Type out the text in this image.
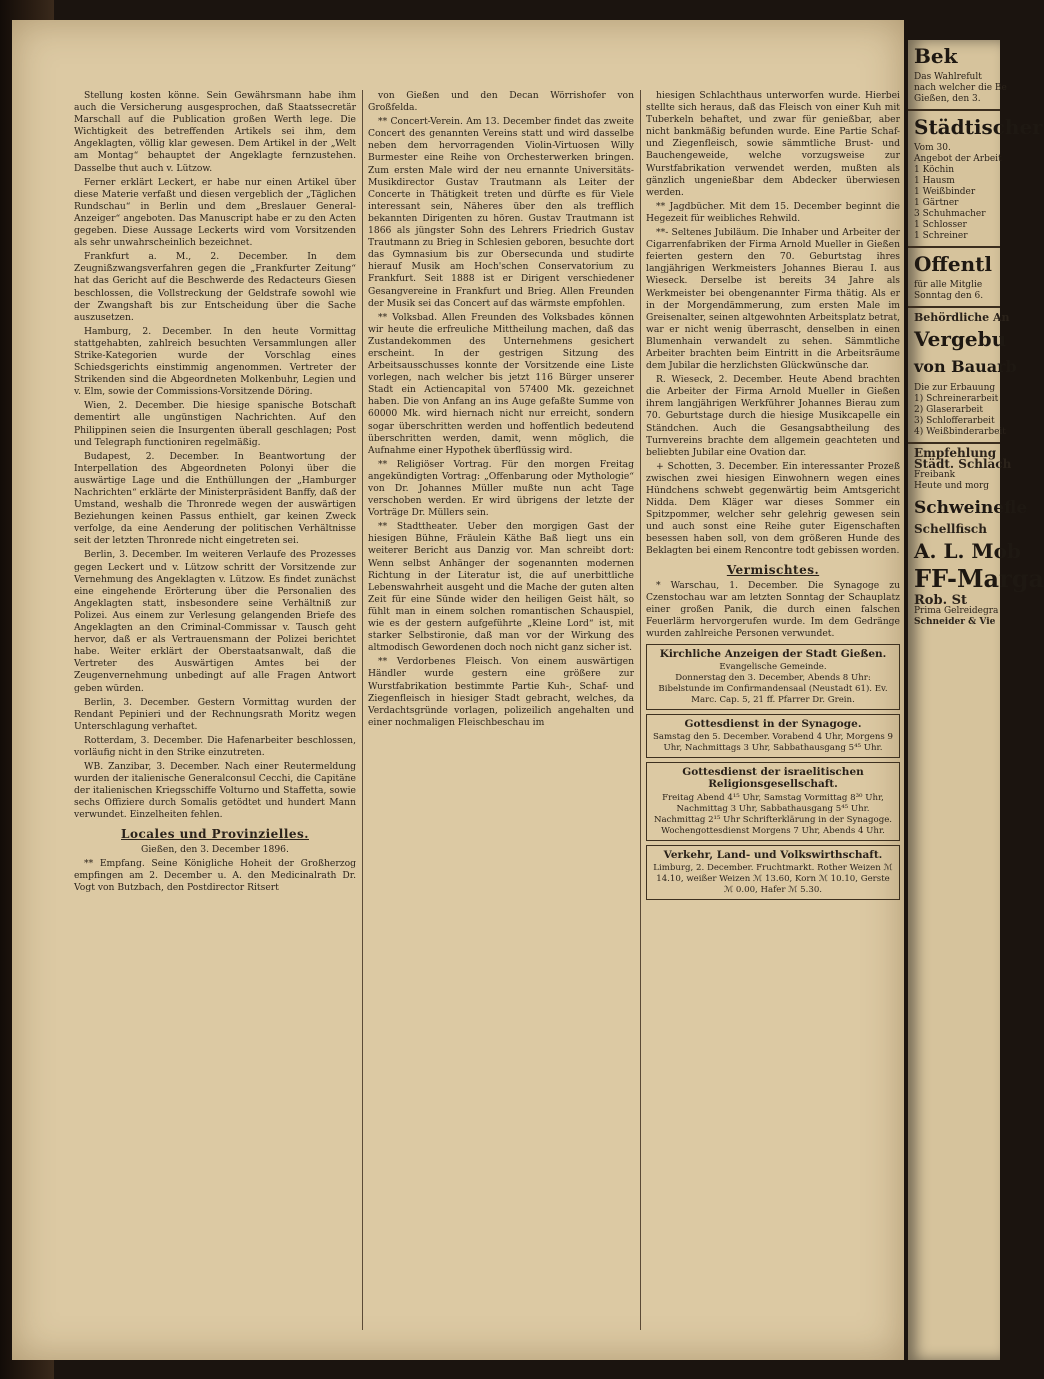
Stellung kosten könne. Sein Gewährsmann habe ihm auch die Versicherung ausgesprochen, daß Staatssecretär Marschall auf die Publication großen Werth lege. Die Wichtigkeit des betreffenden Artikels sei ihm, dem Angeklagten, völlig klar gewesen. Dem Artikel in der „Welt am Montag“ behauptet der Angeklagte fernzustehen. Dasselbe thut auch v. Lützow.

Ferner erklärt Leckert, er habe nur einen Artikel über diese Materie verfaßt und diesen vergeblich der „Täglichen Rundschau“ in Berlin und dem „Breslauer General-Anzeiger“ angeboten. Das Manuscript habe er zu den Acten gegeben. Diese Aussage Leckerts wird vom Vorsitzenden als sehr unwahrscheinlich bezeichnet.

Frankfurt a. M., 2. December. In dem Zeugnißzwangsverfahren gegen die „Frankfurter Zeitung“ hat das Gericht auf die Beschwerde des Redacteurs Giesen beschlossen, die Vollstreckung der Geldstrafe sowohl wie der Zwangshaft bis zur Entscheidung über die Sache auszusetzen.

Hamburg, 2. December. In den heute Vormittag stattgehabten, zahlreich besuchten Versammlungen aller Strike-Kategorien wurde der Vorschlag eines Schiedsgerichts einstimmig angenommen. Vertreter der Strikenden sind die Abgeordneten Molkenbuhr, Legien und v. Elm, sowie der Commissions-Vorsitzende Döring.

Wien, 2. December. Die hiesige spanische Botschaft dementirt alle ungünstigen Nachrichten. Auf den Philippinen seien die Insurgenten überall geschlagen; Post und Telegraph functioniren regelmäßig.

Budapest, 2. December. In Beantwortung der Interpellation des Abgeordneten Polonyi über die auswärtige Lage und die Enthüllungen der „Hamburger Nachrichten“ erklärte der Ministerpräsident Banffy, daß der Umstand, weshalb die Thronrede wegen der auswärtigen Beziehungen keinen Passus enthielt, gar keinen Zweck verfolge, da eine Aenderung der politischen Verhältnisse seit der letzten Thronrede nicht eingetreten sei.

Berlin, 3. December. Im weiteren Verlaufe des Prozesses gegen Leckert und v. Lützow schritt der Vorsitzende zur Vernehmung des Angeklagten v. Lützow. Es findet zunächst eine eingehende Erörterung über die Personalien des Angeklagten statt, insbesondere seine Verhältniß zur Polizei. Aus einem zur Verlesung gelangenden Briefe des Angeklagten an den Criminal-Commissar v. Tausch geht hervor, daß er als Vertrauensmann der Polizei berichtet habe. Weiter erklärt der Oberstaatsanwalt, daß die Vertreter des Auswärtigen Amtes bei der Zeugenvernehmung unbedingt auf alle Fragen Antwort geben würden.

Berlin, 3. December. Gestern Vormittag wurden der Rendant Pepinieri und der Rechnungsrath Moritz wegen Unterschlagung verhaftet.

Rotterdam, 3. December. Die Hafenarbeiter beschlossen, vorläufig nicht in den Strike einzutreten.

WB. Zanzibar, 3. December. Nach einer Reutermeldung wurden der italienische Generalconsul Cecchi, die Capitäne der italienischen Kriegsschiffe Volturno und Staffetta, sowie sechs Offiziere durch Somalis getödtet und hundert Mann verwundet. Einzelheiten fehlen.

Locales und Provinzielles.

Gießen, den 3. December 1896.

** Empfang. Seine Königliche Hoheit der Großherzog empfingen am 2. December u. A. den Medicinalrath Dr. Vogt von Butzbach, den Postdirector Ritsert

von Gießen und den Decan Wörrishofer von Großfelda.

** Concert-Verein. Am 13. December findet das zweite Concert des genannten Vereins statt und wird dasselbe neben dem hervorragenden Violin-Virtuosen Willy Burmester eine Reihe von Orchesterwerken bringen. Zum ersten Male wird der neu ernannte Universitäts-Musikdirector Gustav Trautmann als Leiter der Concerte in Thätigkeit treten und dürfte es für Viele interessant sein, Näheres über den als trefflich bekannten Dirigenten zu hören. Gustav Trautmann ist 1866 als jüngster Sohn des Lehrers Friedrich Gustav Trautmann zu Brieg in Schlesien geboren, besuchte dort das Gymnasium bis zur Obersecunda und studirte hierauf Musik am Hoch'schen Conservatorium zu Frankfurt. Seit 1888 ist er Dirigent verschiedener Gesangvereine in Frankfurt und Brieg. Allen Freunden der Musik sei das Concert auf das wärmste empfohlen.

** Volksbad. Allen Freunden des Volksbades können wir heute die erfreuliche Mittheilung machen, daß das Zustandekommen des Unternehmens gesichert erscheint. In der gestrigen Sitzung des Arbeitsausschusses konnte der Vorsitzende eine Liste vorlegen, nach welcher bis jetzt 116 Bürger unserer Stadt ein Actiencapital von 57400 Mk. gezeichnet haben. Die von Anfang an ins Auge gefaßte Summe von 60000 Mk. wird hiernach nicht nur erreicht, sondern sogar überschritten werden und hoffentlich bedeutend überschritten werden, damit, wenn möglich, die Aufnahme einer Hypothek überflüssig wird.

** Religiöser Vortrag. Für den morgen Freitag angekündigten Vortrag: „Offenbarung oder Mythologie“ von Dr. Johannes Müller mußte nun acht Tage verschoben werden. Er wird übrigens der letzte der Vorträge Dr. Müllers sein.

** Stadttheater. Ueber den morgigen Gast der hiesigen Bühne, Fräulein Käthe Baß liegt uns ein weiterer Bericht aus Danzig vor. Man schreibt dort: Wenn selbst Anhänger der sogenannten modernen Richtung in der Literatur ist, die auf unerbittliche Lebenswahrheit ausgeht und die Mache der guten alten Zeit für eine Sünde wider den heiligen Geist hält, so fühlt man in einem solchen romantischen Schauspiel, wie es der gestern aufgeführte „Kleine Lord“ ist, mit starker Selbstironie, daß man vor der Wirkung des altmodisch Gewordenen doch noch nicht ganz sicher ist.

** Verdorbenes Fleisch. Von einem auswärtigen Händler wurde gestern eine größere zur Wurstfabrikation bestimmte Partie Kuh-, Schaf- und Ziegenfleisch in hiesiger Stadt gebracht, welches, da Verdachtsgründe vorlagen, polizeilich angehalten und einer nochmaligen Fleischbeschau im

hiesigen Schlachthaus unterworfen wurde. Hierbei stellte sich heraus, daß das Fleisch von einer Kuh mit Tuberkeln behaftet, und zwar für genießbar, aber nicht bankmäßig befunden wurde. Eine Partie Schaf- und Ziegenfleisch, sowie sämmtliche Brust- und Bauchengeweide, welche vorzugsweise zur Wurstfabrikation verwendet werden, mußten als gänzlich ungenießbar dem Abdecker überwiesen werden.

** Jagdbücher. Mit dem 15. December beginnt die Hegezeit für weibliches Rehwild.

**- Seltenes Jubiläum. Die Inhaber und Arbeiter der Cigarrenfabriken der Firma Arnold Mueller in Gießen feierten gestern den 70. Geburtstag ihres langjährigen Werkmeisters Johannes Bierau I. aus Wieseck. Derselbe ist bereits 34 Jahre als Werkmeister bei obengenannter Firma thätig. Als er in der Morgendämmerung, zum ersten Male im Greisenalter, seinen altgewohnten Arbeitsplatz betrat, war er nicht wenig überrascht, denselben in einen Blumenhain verwandelt zu sehen. Sämmtliche Arbeiter brachten beim Eintritt in die Arbeitsräume dem Jubilar die herzlichsten Glückwünsche dar.

R. Wieseck, 2. December. Heute Abend brachten die Arbeiter der Firma Arnold Mueller in Gießen ihrem langjährigen Werkführer Johannes Bierau zum 70. Geburtstage durch die hiesige Musikcapelle ein Ständchen. Auch die Gesangsabtheilung des Turnvereins brachte dem allgemein geachteten und beliebten Jubilar eine Ovation dar.

+ Schotten, 3. December. Ein interessanter Prozeß zwischen zwei hiesigen Einwohnern wegen eines Hündchens schwebt gegenwärtig beim Amtsgericht Nidda. Dem Kläger war dieses Sommer ein Spitzpommer, welcher sehr gelehrig gewesen sein und auch sonst eine Reihe guter Eigenschaften besessen haben soll, von dem größeren Hunde des Beklagten bei einem Rencontre todt gebissen worden.

Vermischtes.

* Warschau, 1. December. Die Synagoge zu Czenstochau war am letzten Sonntag der Schauplatz einer großen Panik, die durch einen falschen Feuerlärm hervorgerufen wurde. Im dem Gedränge wurden zahlreiche Personen verwundet.

Kirchliche Anzeigen der Stadt Gießen.
Evangelische Gemeinde.
Donnerstag den 3. December, Abends 8 Uhr: Bibelstunde im Confirmandensaal (Neustadt 61). Ev. Marc. Cap. 5, 21 ff. Pfarrer Dr. Grein.
Gottesdienst in der Synagoge.
Samstag den 5. December. Vorabend 4 Uhr, Morgens 9 Uhr, Nachmittags 3 Uhr, Sabbathausgang 5⁴⁵ Uhr.
Gottesdienst der israelitischen Religionsgesellschaft.
Freitag Abend 4¹⁵ Uhr, Samstag Vormittag 8³⁰ Uhr, Nachmittag 3 Uhr, Sabbathausgang 5⁴⁵ Uhr. Nachmittag 2¹⁵ Uhr Schrifterklärung in der Synagoge. Wochengottesdienst Morgens 7 Uhr, Abends 4 Uhr.
Verkehr, Land- und Volkswirthschaft.
Limburg, 2. December. Fruchtmarkt. Rother Weizen ℳ 14.10, weißer Weizen ℳ 13.60, Korn ℳ 10.10, Gerste ℳ 0.00, Hafer ℳ 5.30.
Bek
Das Wahlrefult
nach welcher die Be
Gießen, den 3.
Städtischer
Vom 30.
Angebot der Arbeit
1 Köchin
1 Hausm
1 Weißbinder
1 Gärtner
3 Schuhmacher
1 Schlosser
1 Schreiner
Offentl
für alle Mitglie
Sonntag den 6.
Behördliche An
Vergebu
von Bauarb
Die zur Erbauung
1) Schreinerarbeit
2) Glaserarbeit
3) Schlofferarbeit
4) Weißbinderarbeit
Empfehlung
Städt. Schlach
Freibank
Heute und morg
Schweinefle
Schellfisch
A. L. Mob
FF-Marga
Rob. St
Prima Gelreidegra
Schneider & Vie
